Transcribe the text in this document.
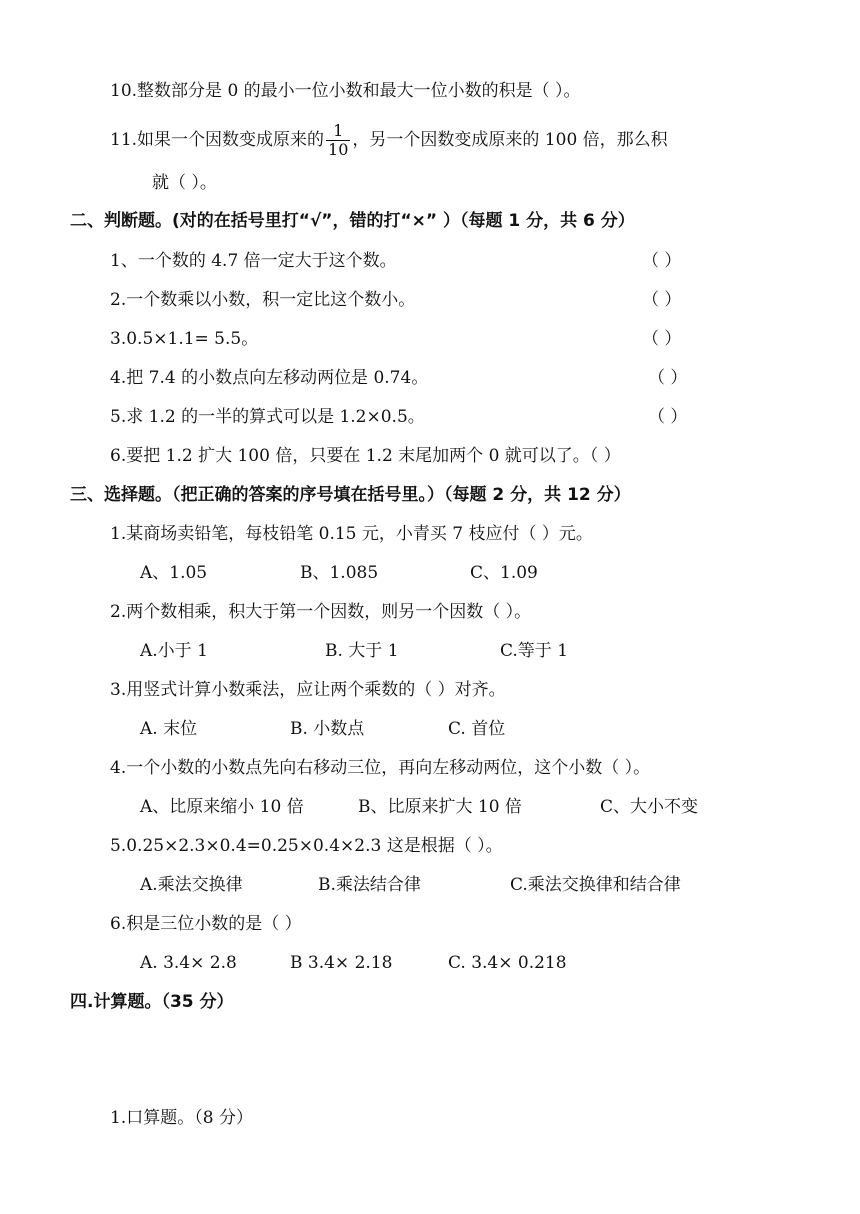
10.整数部分是 0 的最小一位小数和最大一位小数的积是（ ）。
11.如果一个因数变成原来的 $\frac{1}{10}$ ，另一个因数变成原来的 100 倍，那么积
就（ ）。
二、判断题。(对的在括号里打“√”，错的打“×” ）（每题 1 分，共 6 分）
1、一个数的 4.7 倍一定大于这个数。	（ ）
2.一个数乘以小数，积一定比这个数小。	（ ）
3.0.5×1.1= 5.5。	（ ）
4.把 7.4 的小数点向左移动两位是 0.74。	（ ）
5.求 1.2 的一半的算式可以是 1.2×0.5。	（ ）
6.要把 1.2 扩大 100 倍，只要在 1.2 末尾加两个 0 就可以了。（ ）
三、选择题。（把正确的答案的序号填在括号里。）（每题 2 分，共 12 分）
1.某商场卖铅笔，每枝铅笔 0.15 元，小青买 7 枝应付（ ）元。
A、1.05	B、1.085	C、1.09
2.两个数相乘，积大于第一个因数，则另一个因数（ ）。
A.小于 1	B. 大于 1	C.等于 1
3.用竖式计算小数乘法，应让两个乘数的（ ）对齐。
A. 末位	B. 小数点	C. 首位
4.一个小数的小数点先向右移动三位，再向左移动两位，这个小数（ ）。
A、比原来缩小 10 倍	B、比原来扩大 10 倍	C、大小不变
5.0.25×2.3×0.4=0.25×0.4×2.3 这是根据（ ）。
A.乘法交换律	B.乘法结合律	C.乘法交换律和结合律
6.积是三位小数的是（ ）
A. 3.4× 2.8	B 3.4× 2.18	C. 3.4× 0.218
四.计算题。（35 分）
1.口算题。（8 分）
